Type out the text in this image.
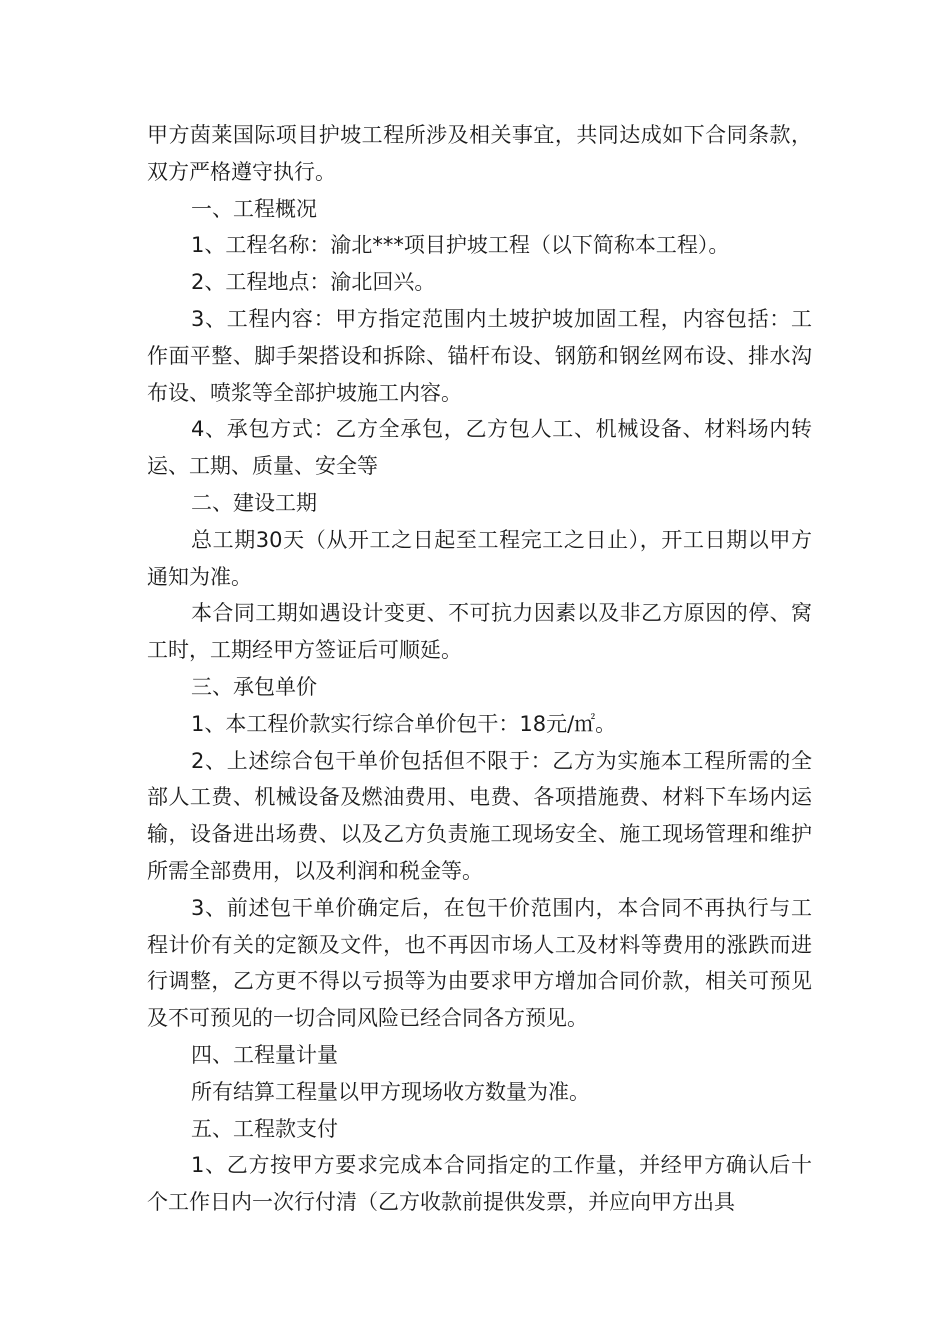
甲方茵莱国际项目护坡工程所涉及相关事宜，共同达成如下合同条款，双方严格遵守执行。

一、工程概况

1、工程名称：渝北***项目护坡工程（以下简称本工程）。

2、工程地点：渝北回兴。

3、工程内容：甲方指定范围内土坡护坡加固工程，内容包括：工作面平整、脚手架搭设和拆除、锚杆布设、钢筋和钢丝网布设、排水沟布设、喷浆等全部护坡施工内容。

4、承包方式：乙方全承包，乙方包人工、机械设备、材料场内转运、工期、质量、安全等

二、建设工期

总工期30天（从开工之日起至工程完工之日止），开工日期以甲方通知为准。

本合同工期如遇设计变更、不可抗力因素以及非乙方原因的停、窝工时，工期经甲方签证后可顺延。

三、承包单价

1、本工程价款实行综合单价包干：18元/㎡。

2、上述综合包干单价包括但不限于：乙方为实施本工程所需的全部人工费、机械设备及燃油费用、电费、各项措施费、材料下车场内运输，设备进出场费、以及乙方负责施工现场安全、施工现场管理和维护所需全部费用，以及利润和税金等。

3、前述包干单价确定后，在包干价范围内，本合同不再执行与工程计价有关的定额及文件，也不再因市场人工及材料等费用的涨跌而进行调整，乙方更不得以亏损等为由要求甲方增加合同价款，相关可预见及不可预见的一切合同风险已经合同各方预见。

四、工程量计量

所有结算工程量以甲方现场收方数量为准。

五、工程款支付

1、乙方按甲方要求完成本合同指定的工作量，并经甲方确认后十个工作日内一次行付清（乙方收款前提供发票，并应向甲方出具
